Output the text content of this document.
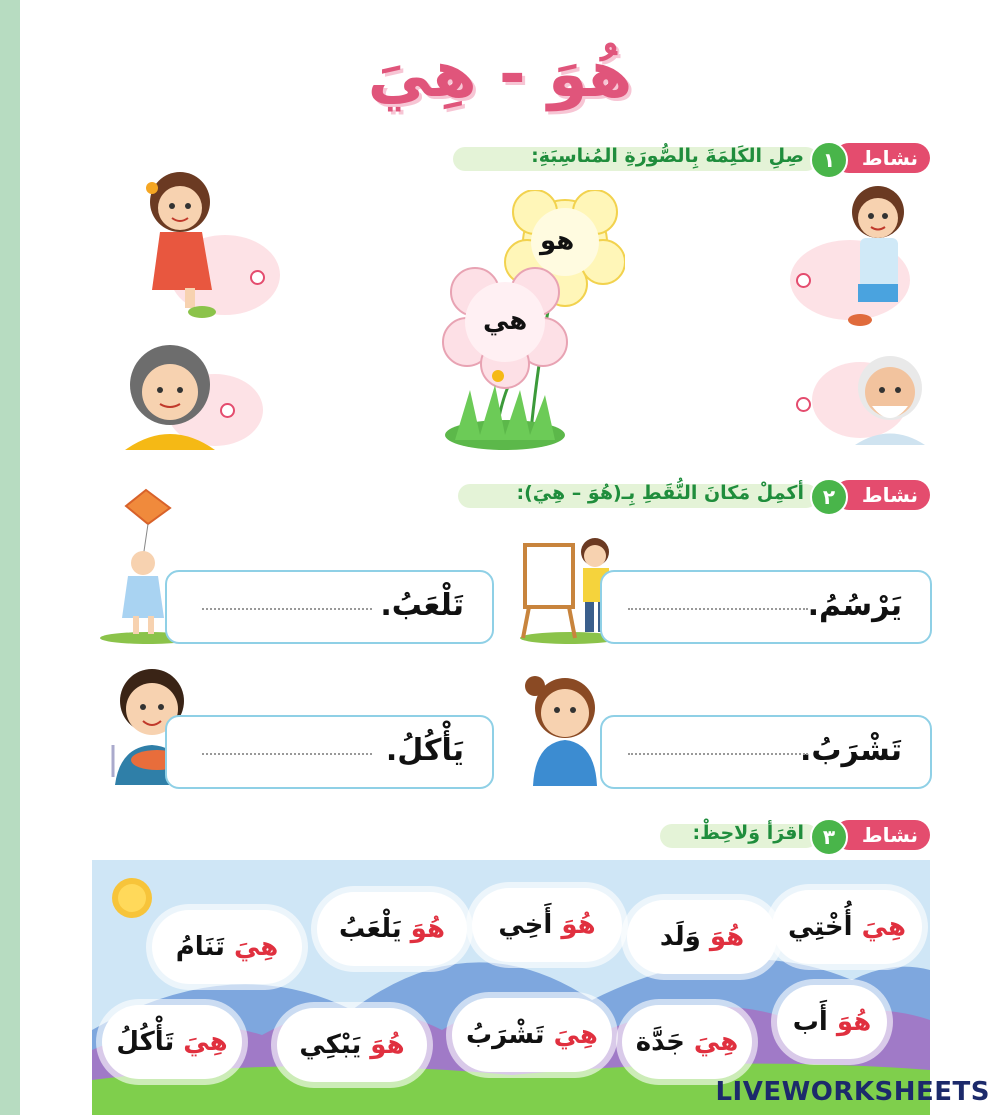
هُوَ - هِيَ
نشاط
١
صِلِ الكَلِمَةَ بِالصُّورَةِ المُناسِبَةِ:
هو
هي
نشاط
٢
أكمِلْ مَكانَ النُّقَطِ بِـ(هُوَ – هِيَ):
يَرْسُمُ.
تَلْعَبُ.
تَشْرَبُ.
يَأْكُلُ.
نشاط
٣
اقرَأ وَلاحِظْ:
هِيَ

أُخْتِي
هُوَ

وَلَد
هُوَ

أَخِي
هُوَ

يَلْعَبُ
هِيَ

تَنَامُ
هُوَ

أَب
هِيَ

جَدَّة
هِيَ

تَشْرَبُ
هُوَ

يَبْكِي
هِيَ

تَأْكُلُ
LIVEWORKSHEETS
